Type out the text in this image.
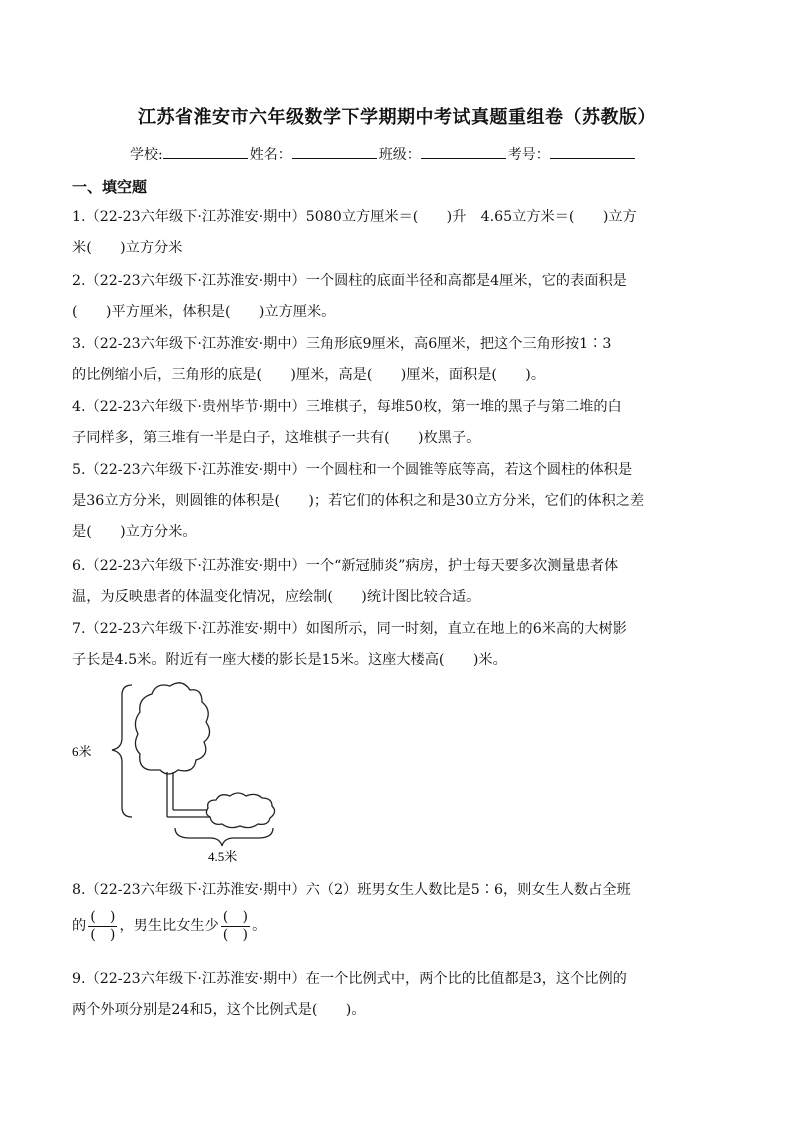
江苏省淮安市六年级数学下学期期中考试真题重组卷（苏教版）
学校:	姓名：	班级：	考号：
一、填空题

1.（22-23六年级下·江苏淮安·期中）5080立方厘米＝(　　)升　4.65立方米＝(　　)立方

米(　　)立方分米

2.（22-23六年级下·江苏淮安·期中）一个圆柱的底面半径和高都是4厘米，它的表面积是

(　　)平方厘米，体积是(　　)立方厘米。

3.（22-23六年级下·江苏淮安·期中）三角形底9厘米，高6厘米，把这个三角形按1∶3

的比例缩小后，三角形的底是(　　)厘米，高是(　　)厘米，面积是(　　)。

4.（22-23六年级下·贵州毕节·期中）三堆棋子，每堆50枚，第一堆的黑子与第二堆的白

子同样多，第三堆有一半是白子，这堆棋子一共有(　　)枚黑子。

5.（22-23六年级下·江苏淮安·期中）一个圆柱和一个圆锥等底等高，若这个圆柱的体积是

是36立方分米，则圆锥的体积是(　　)；若它们的体积之和是30立方分米，它们的体积之差

是(　　)立方分米。

6.（22-23六年级下·江苏淮安·期中）一个“新冠肺炎”病房，护士每天要多次测量患者体

温，为反映患者的体温变化情况，应绘制(　　)统计图比较合适。

7.（22-23六年级下·江苏淮安·期中）如图所示，同一时刻，直立在地上的6米高的大树影

子长是4.5米。附近有一座大楼的影长是15米。这座大楼高(　　)米。

6米
4.5米

8.（22-23六年级下·江苏淮安·期中）六（2）班男女生人数比是5∶6，则女生人数占全班

的 $\frac{( )}{( )}$ ，男生比女生少 $\frac{( )}{( )}$ 。

9.（22-23六年级下·江苏淮安·期中）在一个比例式中，两个比的比值都是3，这个比例的

两个外项分别是24和5，这个比例式是(　　)。
